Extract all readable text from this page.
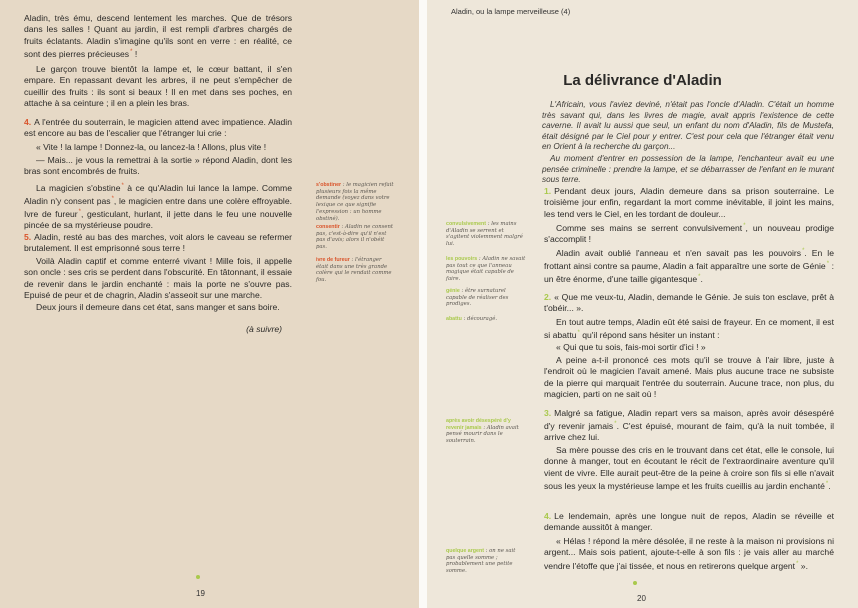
Aladin, très ému, descend lentement les marches. Que de trésors dans les salles ! Quant au jardin, il est rempli d'arbres chargés de fruits éclatants. Aladin s'imagine qu'ils sont en verre : en réalité, ce sont des pierres précieuses* !

Le garçon trouve bientôt la lampe et, le cœur battant, il s'en empare. En repassant devant les arbres, il ne peut s'empêcher de cueillir des fruits : ils sont si beaux ! Il en met dans ses poches, en attache à sa ceinture ; il en a plein les bras.

4. A l'entrée du souterrain, le magicien attend avec impatience. Aladin est encore au bas de l'escalier que l'étranger lui crie :

« Vite ! la lampe ! Donnez-la, ou lancez-la ! Allons, plus vite !

— Mais... je vous la remettrai à la sortie » répond Aladin, dont les bras sont encombrés de fruits.

La magicien s'obstine* à ce qu'Aladin lui lance la lampe. Comme Aladin n'y consent pas*, le magicien entre dans une colère effroyable. Ivre de fureur*, gesticulant, hurlant, il jette dans le feu une nouvelle pincée de sa mystérieuse poudre.

5. Aladin, resté au bas des marches, voit alors le caveau se refermer brutalement. Il est emprisonné sous terre !

Voilà Aladin captif et comme enterré vivant ! Mille fois, il appelle son oncle : ses cris se perdent dans l'obscurité. En tâtonnant, il essaie de revenir dans le jardin enchanté : mais la porte ne s'ouvre pas. Epuisé de peur et de chagrin, Aladin s'asseoit sur une marche.

Deux jours il demeure dans cet état, sans manger et sans boire.

(à suivre)

s'obstiner : le magicien refait plusieurs fois la même demande (voyez dans votre lexique ce que signifie l'expression : un homme obstiné).

consentir : Aladin ne consent pas, c'est-à-dire qu'il n'est pas d'avis; alors il n'obéit pas.

ivre de fureur : l'étranger était dans une très grande colère qui le rendait comme fou.

19
Aladin, ou la lampe merveilleuse (4)
La délivrance d'Aladin

L'Africain, vous l'aviez deviné, n'était pas l'oncle d'Aladin. C'était un homme très savant qui, dans les livres de magie, avait appris l'existence de cette caverne. Il avait lu aussi que seul, un enfant du nom d'Aladin, fils de Mustefa, était désigné par le Ciel pour y entrer. C'est pour cela que l'étranger était venu en Orient à la recherche du garçon...

Au moment d'entrer en possession de la lampe, l'enchanteur avait eu une pensée criminelle : prendre la lampe, et se débarrasser de l'enfant en le murant sous terre.

1. Pendant deux jours, Aladin demeure dans sa prison souterraine. Le troisième jour enfin, regardant la mort comme inévitable, il joint les mains, les tend vers le Ciel, en les tordant de douleur...

Comme ses mains se serrent convulsivement*, un nouveau prodige s'accomplit !

Aladin avait oublié l'anneau et n'en savait pas les pouvoirs*. En le frottant ainsi contre sa paume, Aladin a fait apparaître une sorte de Génie* : un être énorme, d'une taille gigantesque*.

2. « Que me veux-tu, Aladin, demande le Génie. Je suis ton esclave, prêt à t'obéir... ».

En tout autre temps, Aladin eût été saisi de frayeur. En ce moment, il est si abattu* qu'il répond sans hésiter un instant :

« Qui que tu sois, fais-moi sortir d'ici ! »

A peine a-t-il prononcé ces mots qu'il se trouve à l'air libre, juste à l'endroit où le magicien l'avait amené. Mais plus aucune trace ne subsiste de la pierre qui marquait l'entrée du souterrain. Aucune trace, non plus, du magicien, parti on ne sait où !

3. Malgré sa fatigue, Aladin repart vers sa maison, après avoir désespéré d'y revenir jamais*. C'est épuisé, mourant de faim, qu'à la nuit tombée, il arrive chez lui.

Sa mère pousse des cris en le trouvant dans cet état, elle le console, lui donne à manger, tout en écoutant le récit de l'extraordinaire aventure qu'il vient de vivre. Elle aurait peut-être de la peine à croire son fils si elle n'avait sous les yeux la mystérieuse lampe et les fruits cueillis au jardin enchanté*.

4. Le lendemain, après une longue nuit de repos, Aladin se réveille et demande aussitôt à manger.

« Hélas ! répond la mère désolée, il ne reste à la maison ni provisions ni argent... Mais sois patient, ajoute-t-elle à son fils : je vais aller au marché vendre l'étoffe que j'ai tissée, et nous en retirerons quelque argent* ».

convulsivement : les mains d'Aladin se serrent et s'agitent violemment malgré lui.

les pouvoirs : Aladin ne savait pas tout ce que l'anneau magique était capable de faire.

génie : être surnaturel capable de réaliser des prodiges.

abattu : découragé.

après avoir désespéré d'y revenir jamais : Aladin avait pensé mourir dans le souterrain.

quelque argent : on ne sait pas quelle somme ; probablement une petite somme.

20
